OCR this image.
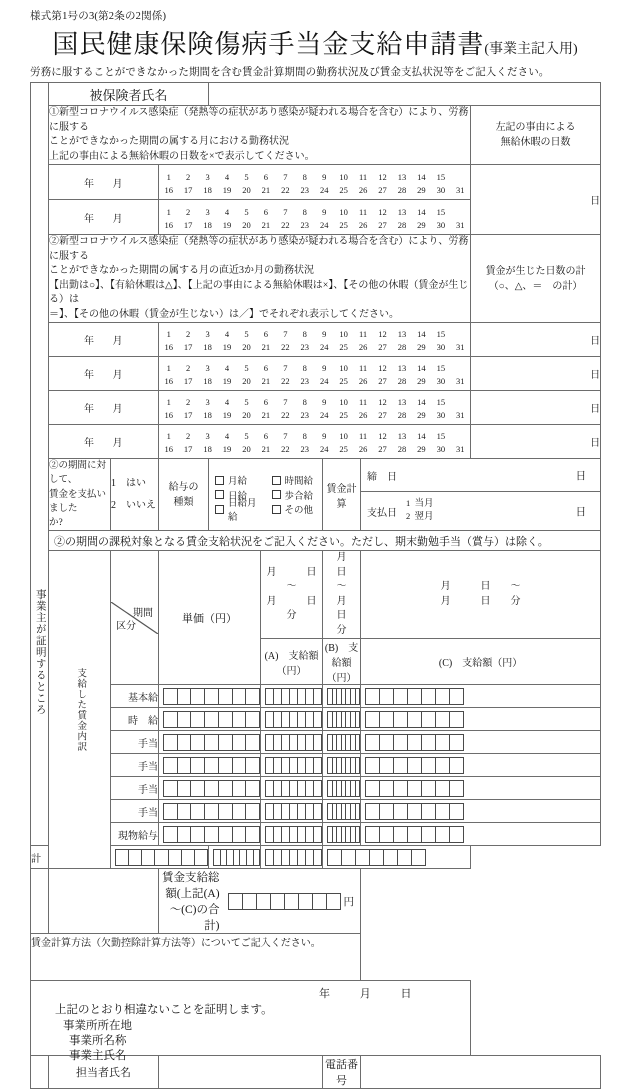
様式第1号の3(第2条の2関係)
国民健康保険傷病手当金支給申請書(事業主記入用)
労務に服することができなかった期間を含む賃金計算期間の勤務状況及び賃金支払状況等をご記入ください。
	被保険者氏名	

①新型コロナウイルス感染症（発熱等の症状があり感染が疑われる場合を含む）により、労務に服する
ことができなかった期間の属する月における勤務状況
上記の事由による無給休暇の日数を×で表示してください。

左記の事由による
無給休暇の日数

	年 月	
1	2	3	4	5	6	7	8	9	10	11	12	13	14	15	
16	17	18	19	20	21	22	23	24	25	26	27	28	29	30	31
	日
	年 月	
1	2	3	4	5	6	7	8	9	10	11	12	13	14	15	
16	17	18	19	20	21	22	23	24	25	26	27	28	29	30	31

②新型コロナウイルス感染症（発熱等の症状があり感染が疑われる場合を含む）により、労務に服する
ことができなかった期間の属する月の直近3か月の勤務状況
【出勤は○】、【有給休暇は△】、【上記の事由による無給休暇は×】、【その他の休暇（賃金が生じる）は
＝】、【その他の休暇（賃金が生じない）は／】でそれぞれ表示してください。

賃金が生じた日数の計
（○、△、＝　の計）

	年 月	
1	2	3	4	5	6	7	8	9	10	11	12	13	14	15	
16	17	18	19	20	21	22	23	24	25	26	27	28	29	30	31
		日
	年 月	
1	2	3	4	5	6	7	8	9	10	11	12	13	14	15	
16	17	18	19	20	21	22	23	24	25	26	27	28	29	30	31
		日
	年 月	
1	2	3	4	5	6	7	8	9	10	11	12	13	14	15	
16	17	18	19	20	21	22	23	24	25	26	27	28	29	30	31
		日
	年 月	
1	2	3	4	5	6	7	8	9	10	11	12	13	14	15	
16	17	18	19	20	21	22	23	24	25	26	27	28	29	30	31
		日

事業主が証明するところ

②の期間に対して、
賃金を支払いました
か?

1　はい
2　いいえ

給与の
種類

月給	時間給
日給	歩合給
日給月給
その他
	賃金計算	
締　日	日

支払日
1 当月
2 翌月	日

②の期間の課税対象となる賃金支給状況をご記入ください。ただし、期末勤勉手当（賞与）は除く。

支給した賃金内訳

期間
区分
	単価（円）	
月　　　日　　～
月　　　日　　分

月　　　日　　～
月　　　日　　分

月　　　日　　～
月　　　日　　分

(A)　支給額（円）	(B)　支給額（円）	(C)　支給額（円）
基本給	

時　給	

手当	

手当	

手当	

手当	

現物給与	

計	

賃金支給総額(上記(A)～(C)の合計)
円

賃金計算方法（欠勤控除計算方法等）についてご記入ください。

年	月	日
上記のとおり相違ないことを証明します。
事業所所在地
事業所名称
事業主氏名

	担当者氏名		電話番号	
